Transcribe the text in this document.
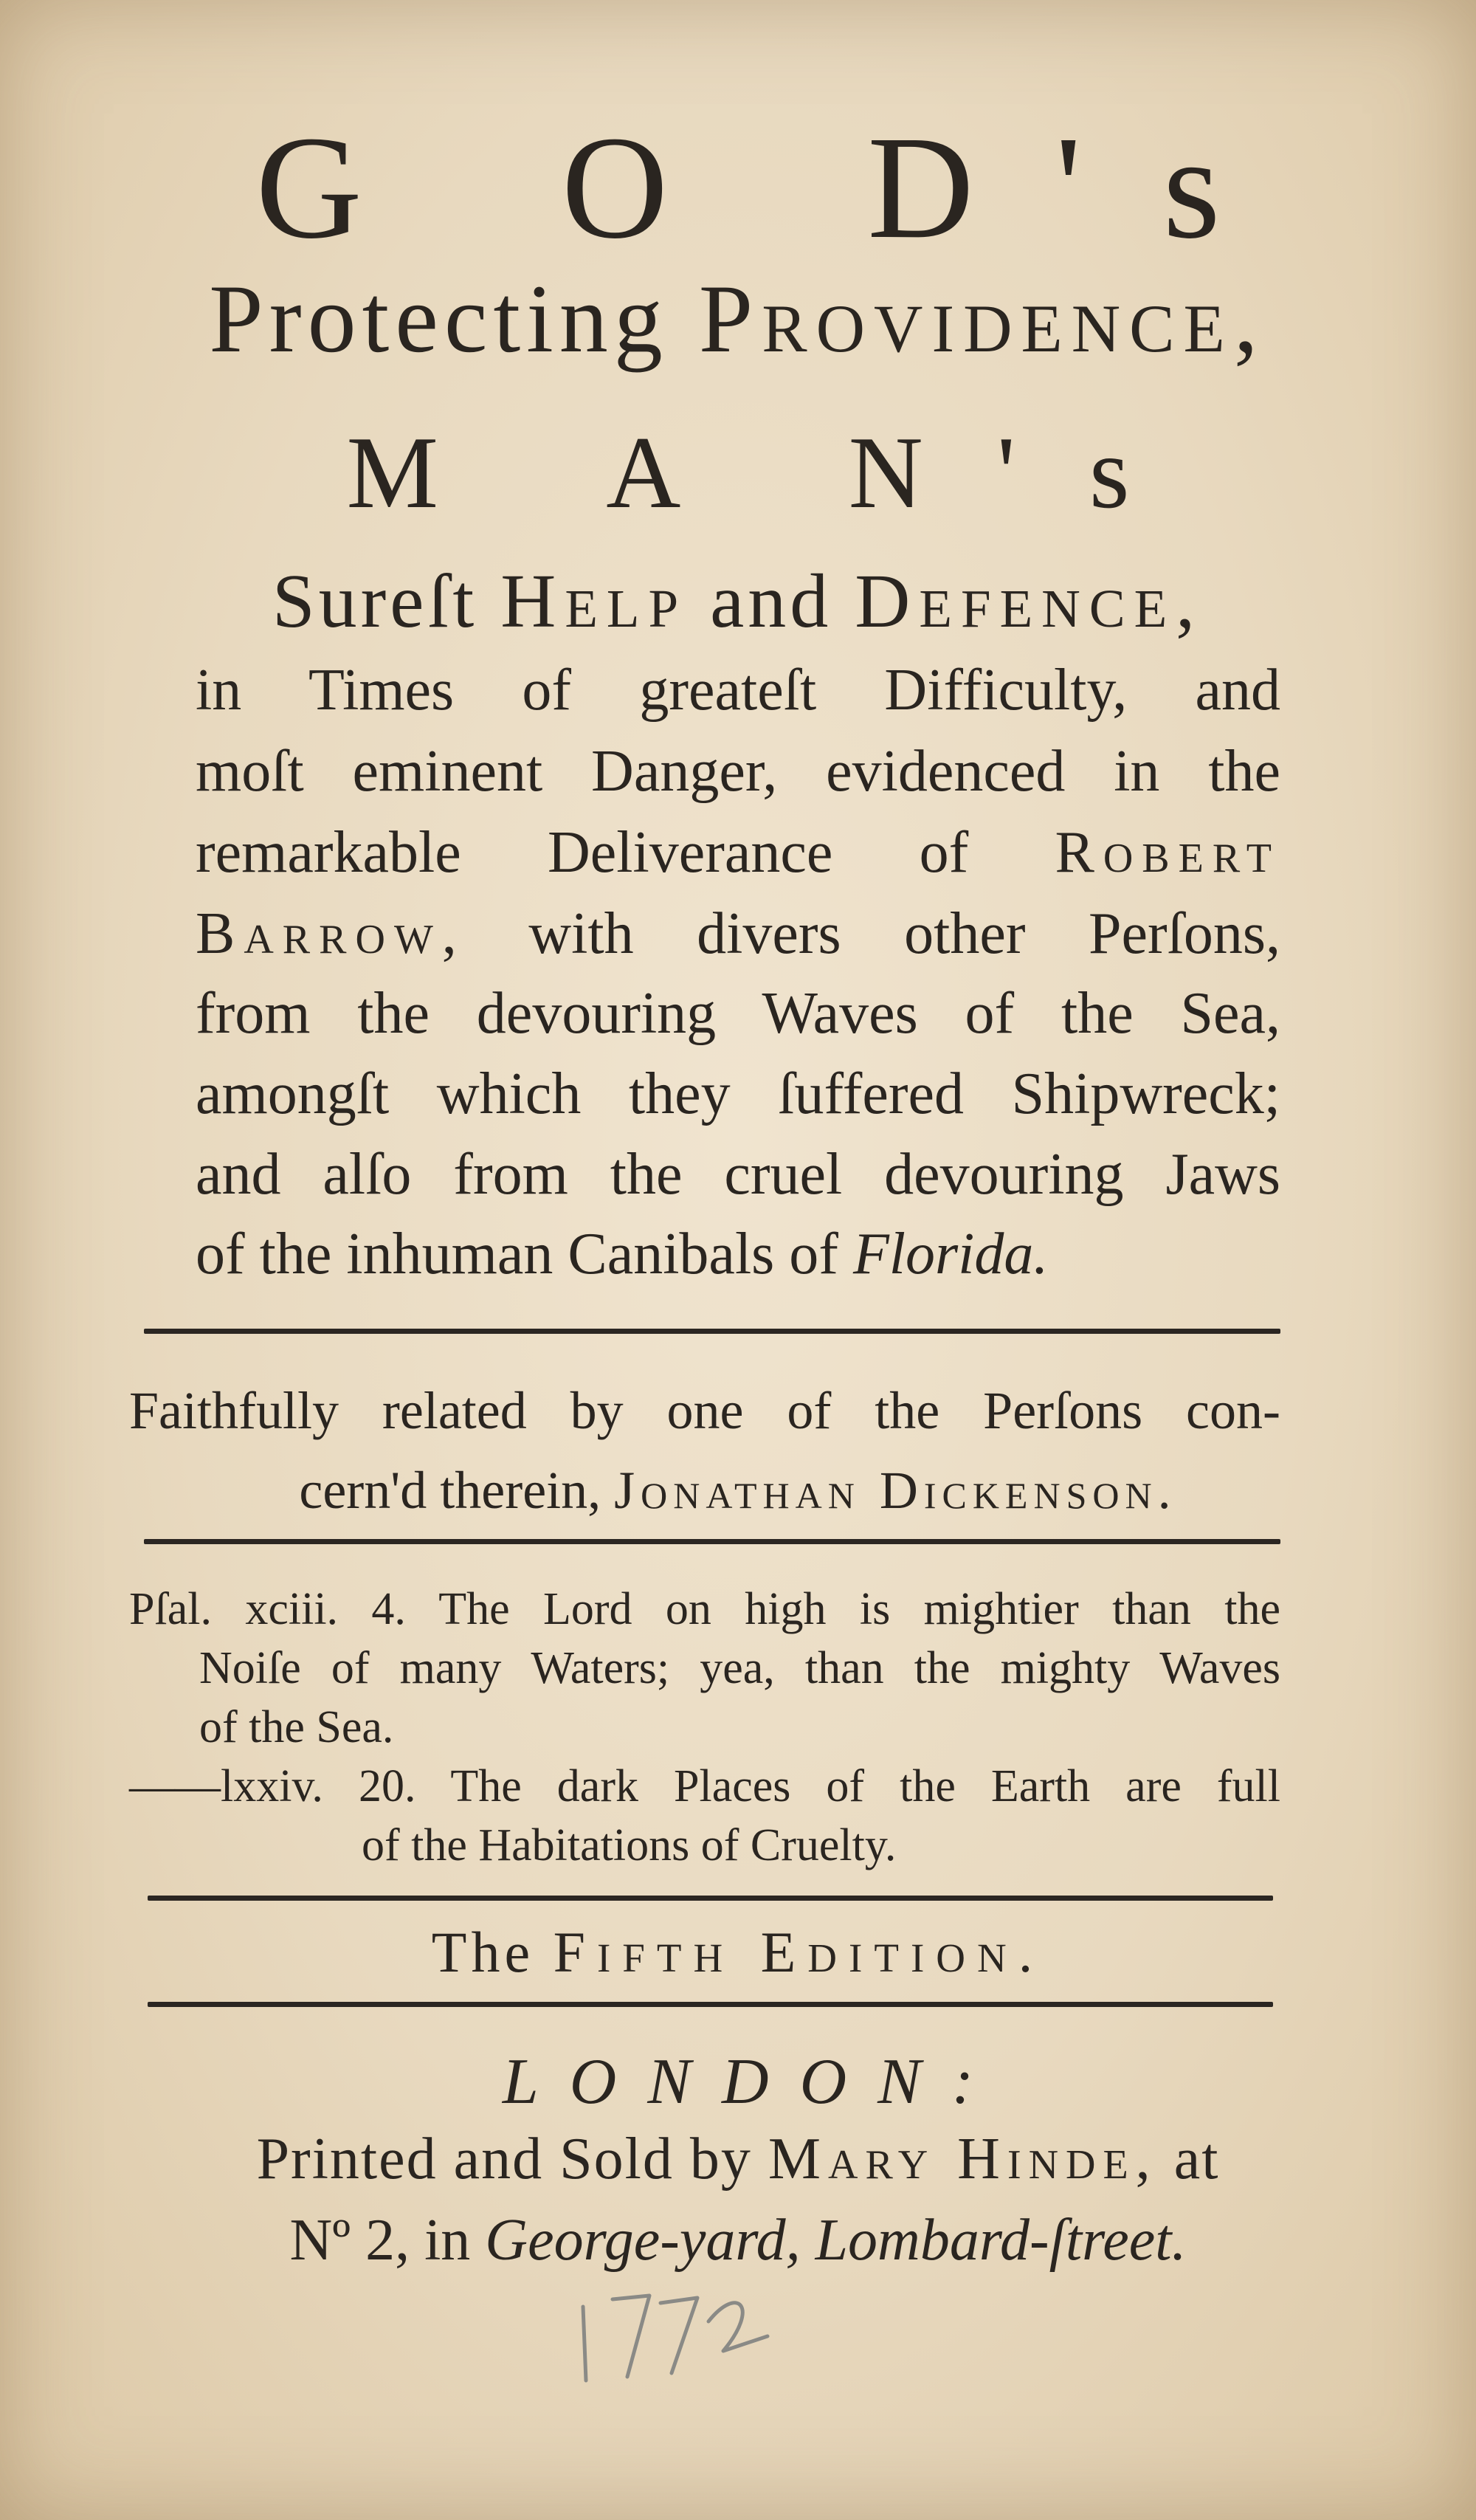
G O D's
Protecting Providence,
M A N's
Sureſt Help and Defence,
in Times of greateſt Difficulty, and
moſt eminent Danger, evidenced in the
remarkable Deliverance of Robert
Barrow, with divers other Perſons,
from the devouring Waves of the Sea,
amongſt which they ſuffered Shipwreck;
and alſo from the cruel devouring Jaws
of the inhuman Canibals of Florida.
Faithfully related by one of the Perſons con-
cern'd therein, Jonathan Dickenson.
Pſal. xciii. 4. The Lord on high is mightier than the
Noiſe of many Waters; yea, than the mighty Waves
of the Sea.
——lxxiv. 20. The dark Places of the Earth are full
of the Habitations of Cruelty.
The Fifth Edition.
LONDON:
Printed and Sold by Mary Hinde, at
Nº 2, in George-yard, Lombard-ſtreet.
